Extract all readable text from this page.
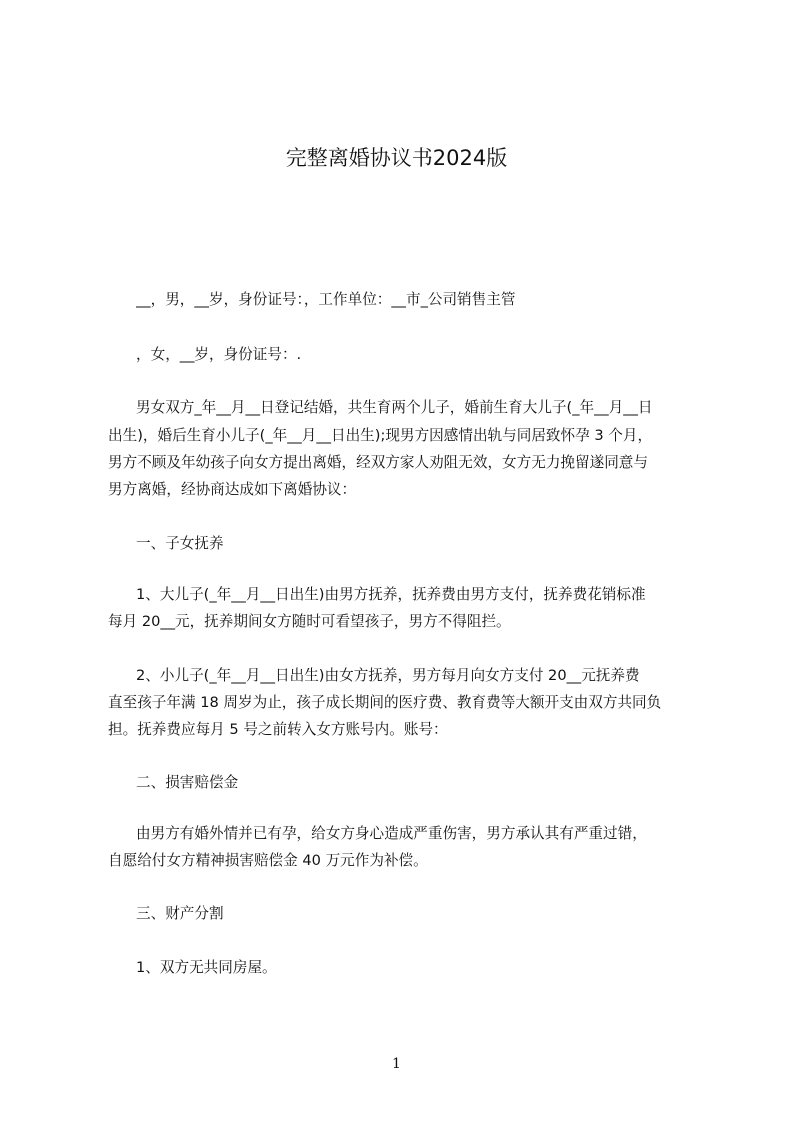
完整离婚协议书2024版
__，男，__岁，身份证号：，工作单位：__市_公司销售主管
，女，__岁，身份证号：.
男女双方_年__月__日登记结婚，共生育两个儿子，婚前生育大儿子(_年__月__日
出生)，婚后生育小儿子(_年__月__日出生);现男方因感情出轨与同居致怀孕 3 个月，
男方不顾及年幼孩子向女方提出离婚，经双方家人劝阻无效，女方无力挽留遂同意与
男方离婚，经协商达成如下离婚协议：
一、子女抚养
1、大儿子(_年__月__日出生)由男方抚养，抚养费由男方支付，抚养费花销标准
每月 20__元，抚养期间女方随时可看望孩子，男方不得阻拦。
2、小儿子(_年__月__日出生)由女方抚养，男方每月向女方支付 20__元抚养费
直至孩子年满 18 周岁为止，孩子成长期间的医疗费、教育费等大额开支由双方共同负
担。抚养费应每月 5 号之前转入女方账号内。账号：
二、损害赔偿金
由男方有婚外情并已有孕，给女方身心造成严重伤害，男方承认其有严重过错，
自愿给付女方精神损害赔偿金 40 万元作为补偿。
三、财产分割
1、双方无共同房屋。
1
